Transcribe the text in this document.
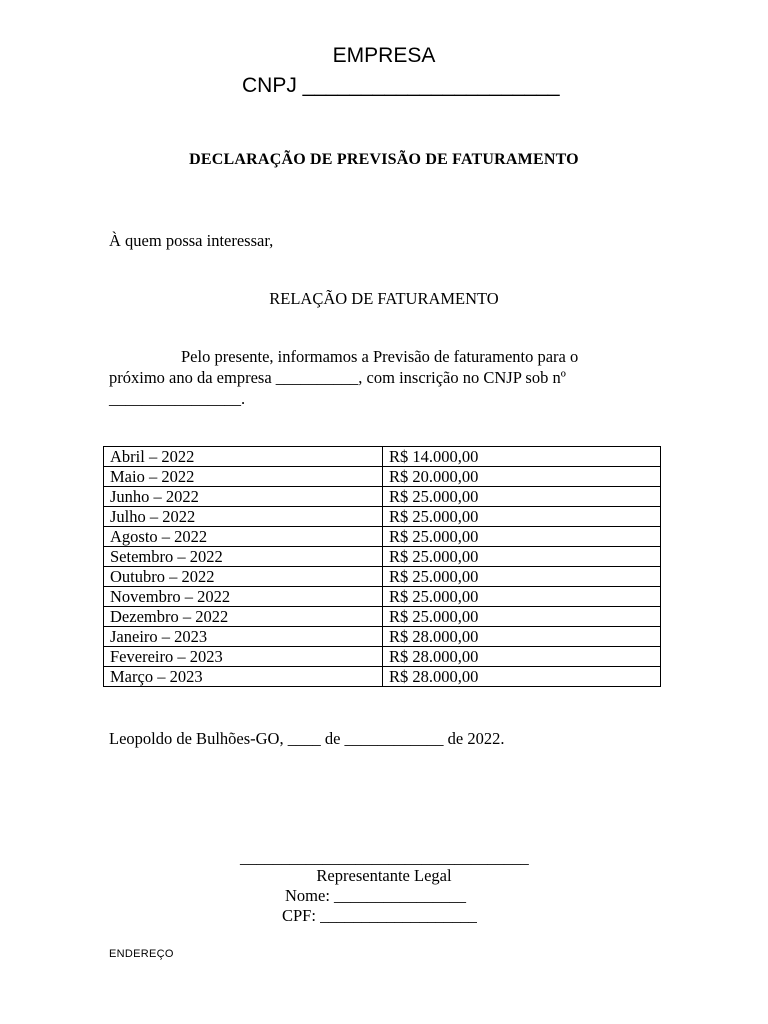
EMPRESA
CNPJ ______________________
DECLARAÇÃO DE PREVISÃO DE FATURAMENTO
À quem possa interessar,
RELAÇÃO DE FATURAMENTO
Pelo presente, informamos a Previsão de faturamento para o
próximo ano da empresa __________, com inscrição no CNJP sob nº
________________.
Abril – 2022	R$ 14.000,00
Maio – 2022	R$ 20.000,00
Junho – 2022	R$ 25.000,00
Julho – 2022	R$ 25.000,00
Agosto – 2022	R$ 25.000,00
Setembro – 2022	R$ 25.000,00
Outubro – 2022	R$ 25.000,00
Novembro – 2022	R$ 25.000,00
Dezembro – 2022	R$ 25.000,00
Janeiro – 2023	R$ 28.000,00
Fevereiro – 2023	R$ 28.000,00
Março – 2023	R$ 28.000,00
Leopoldo de Bulhões-GO, ____ de ____________ de 2022.
___________________________________
Representante Legal
Nome: ________________
CPF: ___________________
ENDEREÇO
